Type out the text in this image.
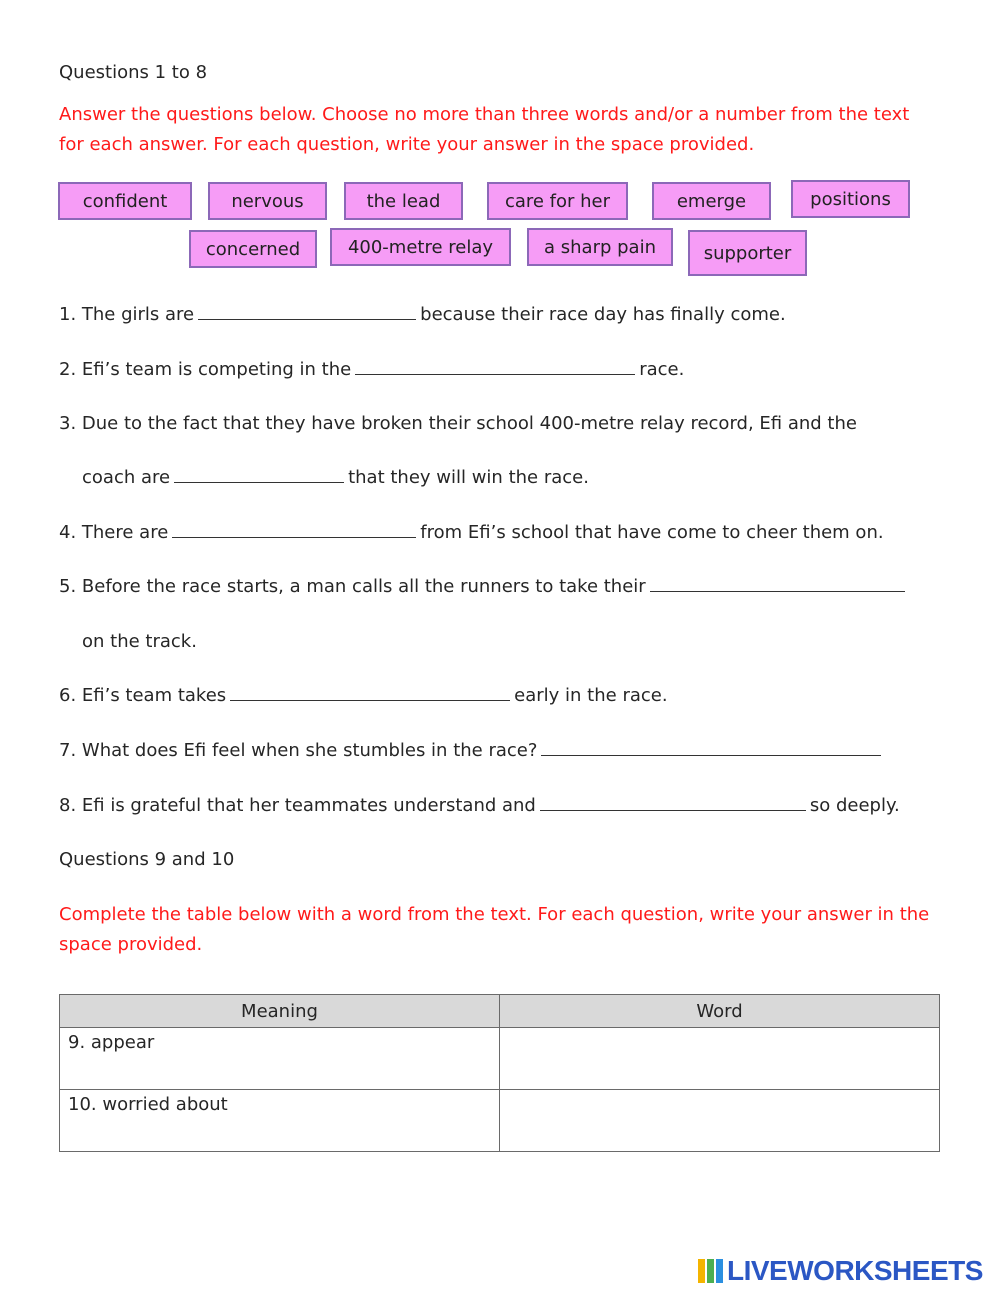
Questions 1 to 8
Answer the questions below. Choose no more than three words and/or a number from the text for each answer. For each question, write your answer in the space provided.
confident	nervous	the lead	care for her	emerge	positions
concerned	400-metre relay	a sharp pain	supporter
1. The girls are	because their race day has finally come.
2. Efi’s team is competing in the	race.
3. Due to the fact that they have broken their school 400-metre relay record, Efi and the
coach are	that they will win the race.
4. There are	from Efi’s school that have come to cheer them on.
5. Before the race starts, a man calls all the runners to take their
on the track.
6. Efi’s team takes	early in the race.
7. What does Efi feel when she stumbles in the race?
8. Efi is grateful that her teammates understand and	so deeply.
Questions 9 and 10
Complete the table below with a word from the text. For each question, write your answer in the space provided.
Meaning	Word
9. appear	
10. worried about	
LIVEWORKSHEETS
